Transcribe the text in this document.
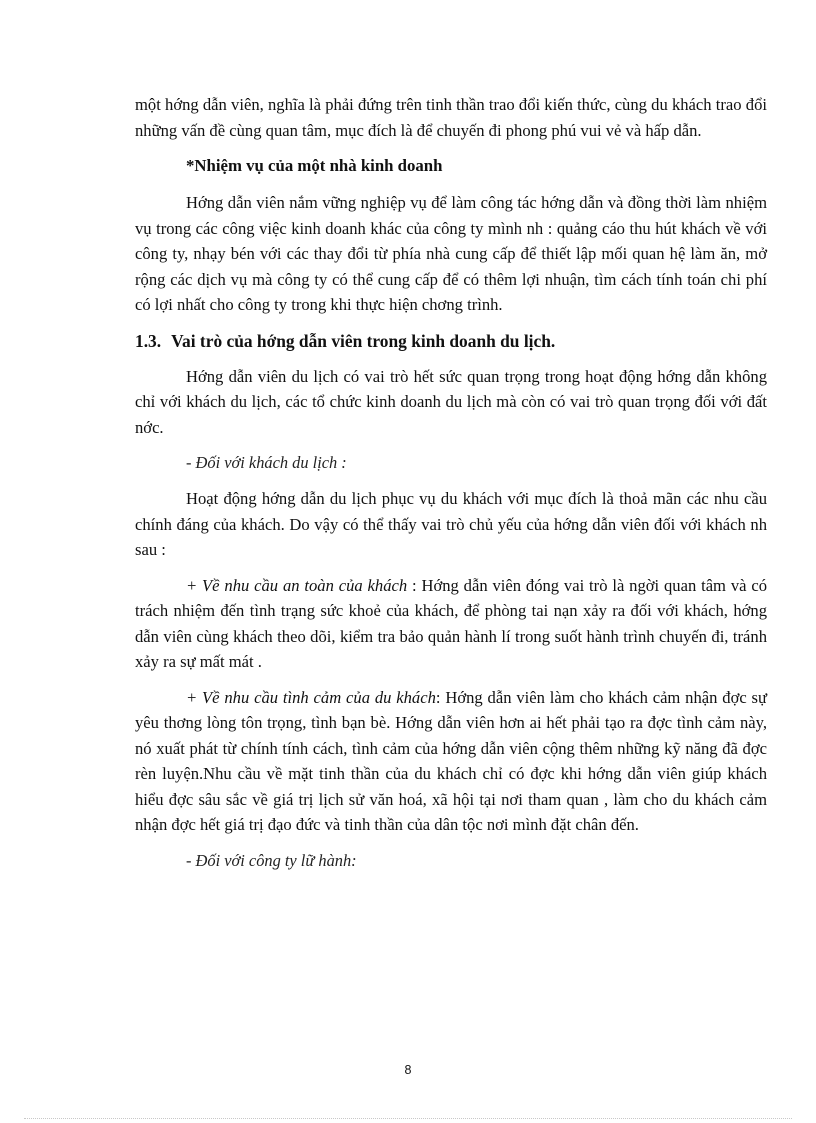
một hớng dẫn viên, nghĩa là phải đứng trên tinh thần trao đổi kiến thức, cùng du khách trao đổi những vấn đề cùng quan tâm, mục đích là để chuyến đi phong phú vui vẻ và hấp dẫn.

*Nhiệm vụ của một nhà kinh doanh

Hớng dẫn viên nắm vững nghiệp vụ để làm công tác hớng dẫn và đồng thời làm nhiệm vụ trong các công việc kinh doanh khác của công ty mình nh : quảng cáo thu hút khách về với công ty, nhạy bén với các thay đổi từ phía nhà cung cấp để thiết lập mối quan hệ làm ăn, mở rộng các dịch vụ mà công ty có thể cung cấp để có thêm lợi nhuận, tìm cách tính toán chi phí có lợi nhất cho công ty trong khi thực hiện chơng trình.

1.3. Vai trò của hớng dẫn viên trong kinh doanh du lịch.

Hớng dẫn viên du lịch có vai trò hết sức quan trọng trong hoạt động hớng dẫn không chỉ với khách du lịch, các tổ chức kinh doanh du lịch mà còn có vai trò quan trọng đối với đất nớc.

- Đối với khách du lịch :

Hoạt động hớng dẫn du lịch phục vụ du khách với mục đích là thoả mãn các nhu cầu chính đáng của khách. Do vậy có thể thấy vai trò chủ yếu của hớng dẫn viên đối với khách nh sau :

+ Về nhu cầu an toàn của khách : Hớng dẫn viên đóng vai trò là ngời quan tâm và có trách nhiệm đến tình trạng sức khoẻ của khách, để phòng tai nạn xảy ra đối với khách, hớng dẫn viên cùng khách theo dõi, kiểm tra bảo quản hành lí trong suốt hành trình chuyến đi, tránh xảy ra sự mất mát .

+ Về nhu cầu tình cảm của du khách: Hớng dẫn viên làm cho khách cảm nhận đợc sự yêu thơng lòng tôn trọng, tình bạn bè. Hớng dẫn viên hơn ai hết phải tạo ra đợc tình cảm này, nó xuất phát từ chính tính cách, tình cảm của hớng dẫn viên cộng thêm những kỹ năng đã đợc rèn luyện.Nhu cầu về mặt tinh thần của du khách chỉ có đợc khi hớng dẫn viên giúp khách hiểu đợc sâu sắc về giá trị lịch sử văn hoá, xã hội tại nơi tham quan , làm cho du khách cảm nhận đợc hết giá trị đạo đức và tinh thần của dân tộc nơi mình đặt chân đến.

- Đối với công ty lữ hành:
8
